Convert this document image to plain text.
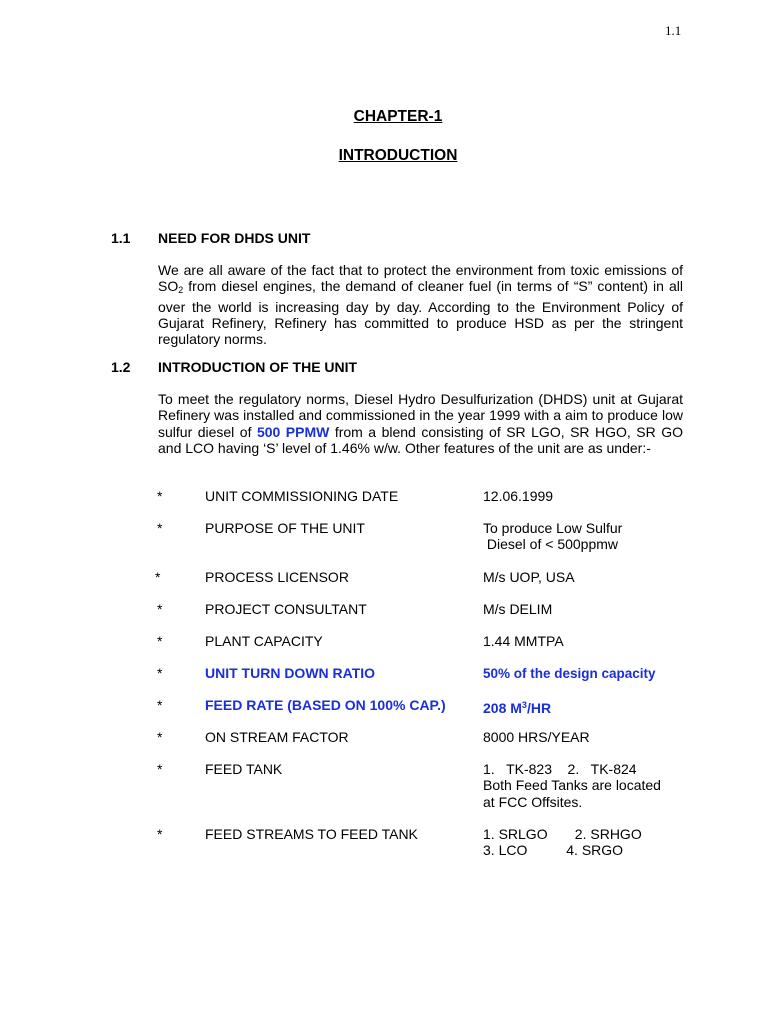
1.1
CHAPTER-1
INTRODUCTION
1.1 NEED FOR DHDS UNIT

We are all aware of the fact that to protect the environment from toxic emissions of $SO_2$ from diesel engines, the demand of cleaner fuel (in terms of “S” content) in all over the world is increasing day by day. According to the Environment Policy of Gujarat Refinery, Refinery has committed to produce HSD as per the stringent regulatory norms.

1.2 INTRODUCTION OF THE UNIT

To meet the regulatory norms, Diesel Hydro Desulfurization (DHDS) unit at Gujarat Refinery was installed and commissioned in the year 1999 with a aim to produce low sulfur diesel of 500 PPMW from a blend consisting of SR LGO, SR HGO, SR GO and LCO having ‘S’ level of 1.46% w/w. Other features of the unit are as under:-

*	UNIT COMMISSIONING DATE	12.06.1999
*	PURPOSE OF THE UNIT	To produce Low Sulfur
Diesel of < 500ppmw
*	PROCESS LICENSOR	M/s UOP, USA
*	PROJECT CONSULTANT	M/s DELIM
*	PLANT CAPACITY	1.44 MMTPA
*	UNIT TURN DOWN RATIO	50% of the design capacity
*	FEED RATE (BASED ON 100% CAP.)	208 $M^3/HR$
*	ON STREAM FACTOR	8000 HRS/YEAR
*	FEED TANK	1.   TK-823    2.   TK-824
Both Feed Tanks are located
at FCC Offsites.
*	FEED STREAMS TO FEED TANK	1. SRLGO       2. SRHGO
3. LCO          4. SRGO
